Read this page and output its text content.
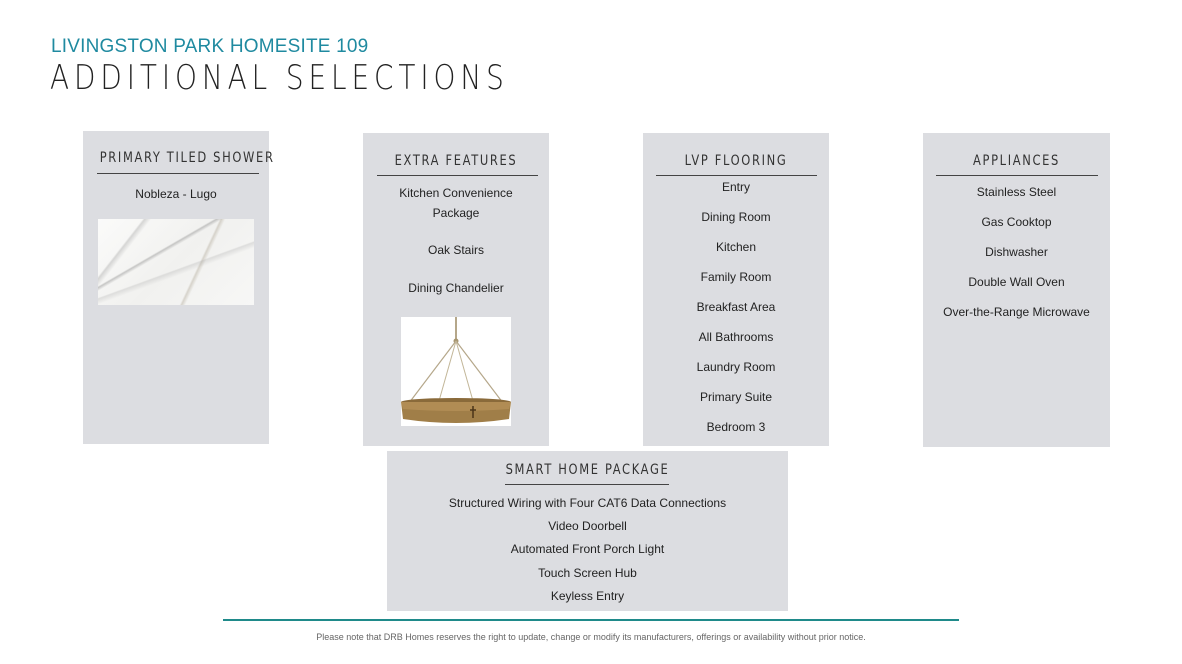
LIVINGSTON PARK HOMESITE 109
ADDITIONAL SELECTIONS
PRIMARY TILED SHOWER
Nobleza - Lugo
EXTRA FEATURES
Kitchen Convenience
Package
Oak Stairs
Dining Chandelier
LVP FLOORING
Entry
Dining Room
Kitchen
Family Room
Breakfast Area
All Bathrooms
Laundry Room
Primary Suite
Bedroom 3
APPLIANCES
Stainless Steel
Gas Cooktop
Dishwasher
Double Wall Oven
Over-the-Range Microwave
SMART HOME PACKAGE
Structured Wiring with Four CAT6 Data Connections
Video Doorbell
Automated Front Porch Light
Touch Screen Hub
Keyless Entry
Please note that DRB Homes reserves the right to update, change or modify its manufacturers, offerings or availability without prior notice.
